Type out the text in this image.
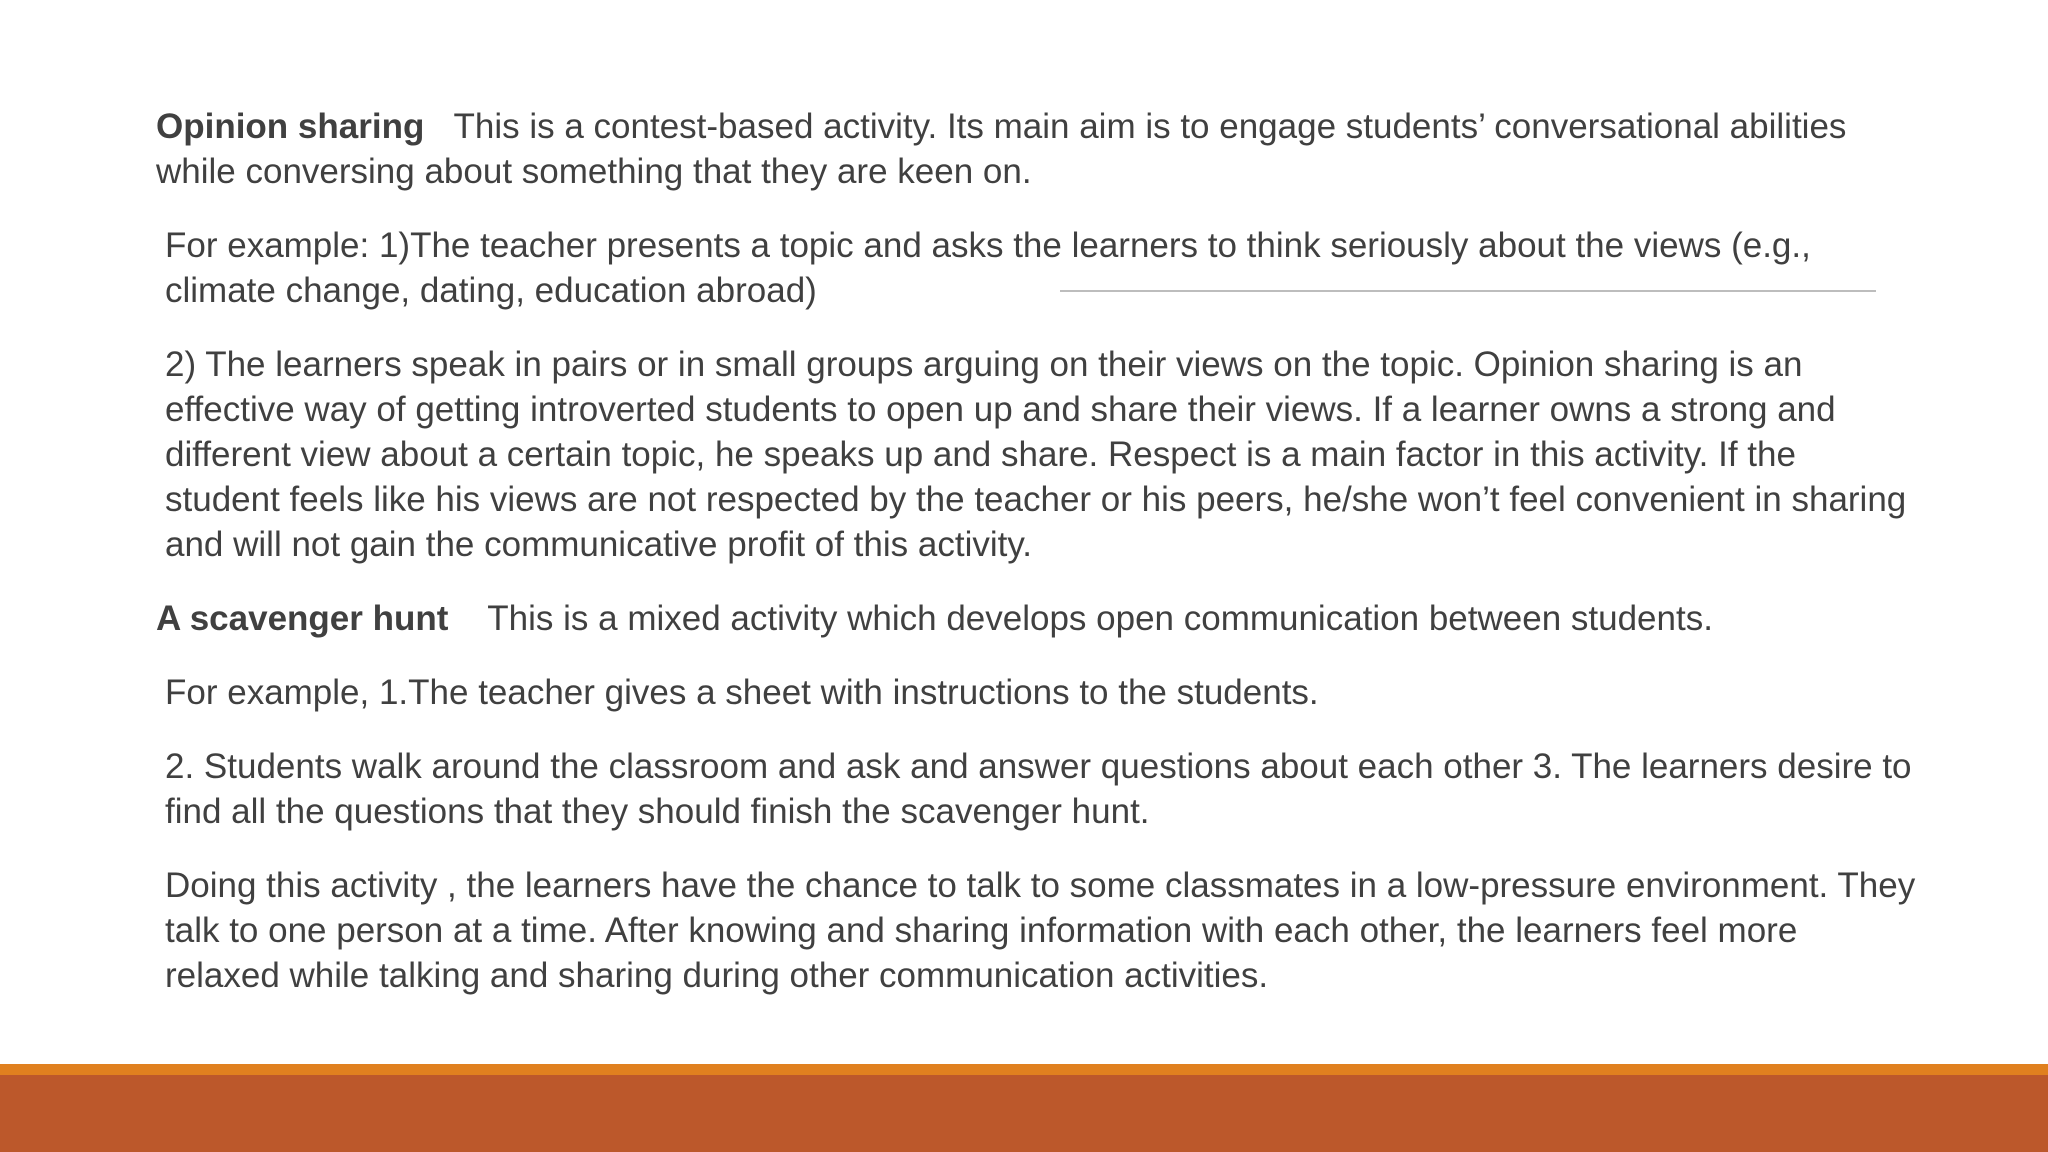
Opinion sharing This is a contest-based activity. Its main aim is to engage students’ conversational abilities while conversing about something that they are keen on.

For example: 1)The teacher presents a topic and asks the learners to think seriously about the views (e.g., climate change, dating, education abroad)

2) The learners speak in pairs or in small groups arguing on their views on the topic. Opinion sharing is an effective way of getting introverted students to open up and share their views. If a learner owns a strong and different view about a certain topic, he speaks up and share. Respect is a main factor in this activity. If the student feels like his views are not respected by the teacher or his peers, he/she won’t feel convenient in sharing and will not gain the communicative profit of this activity.

A scavenger hunt This is a mixed activity which develops open communication between students.

For example, 1.The teacher gives a sheet with instructions to the students.

2. Students walk around the classroom and ask and answer questions about each other 3. The learners desire to find all the questions that they should finish the scavenger hunt.

Doing this activity , the learners have the chance to talk to some classmates in a low-pressure environment. They talk to one person at a time. After knowing and sharing information with each other, the learners feel more relaxed while talking and sharing during other communication activities.
